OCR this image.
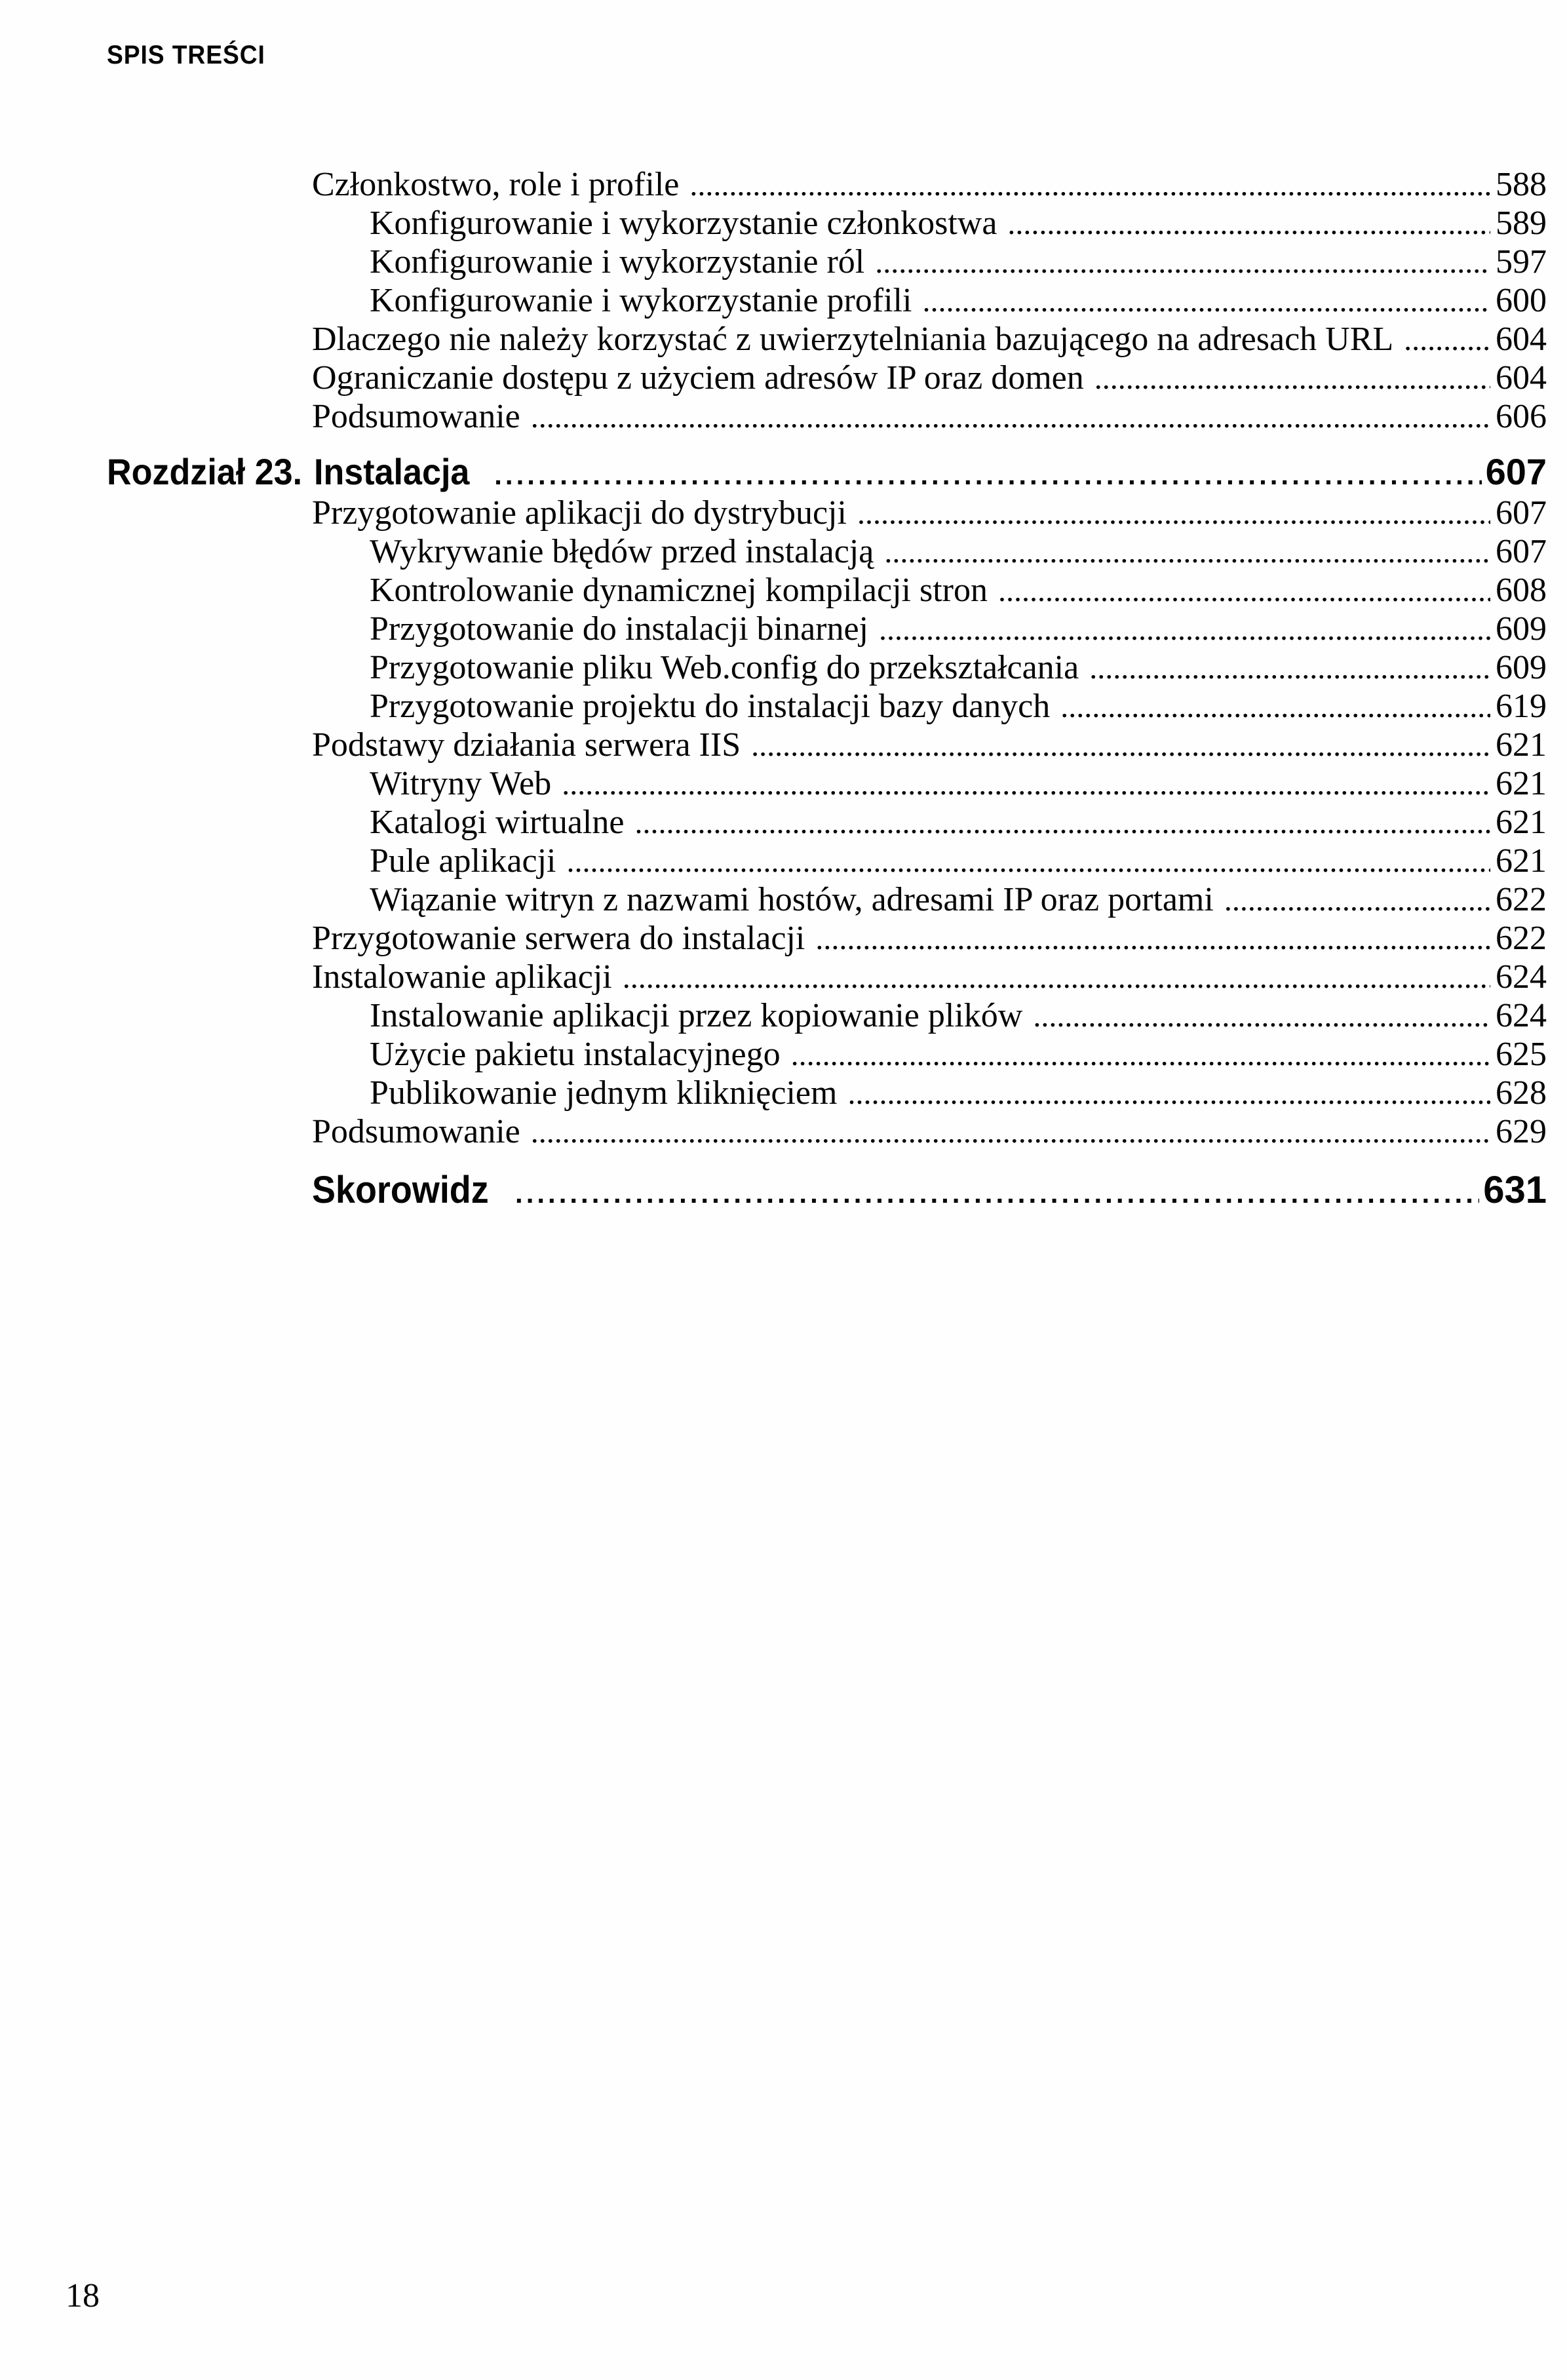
SPIS TREŚCI
Członkostwo, role i profile .....	588
Konfigurowanie i wykorzystanie członkostwa .....	589
Konfigurowanie i wykorzystanie ról .....	597
Konfigurowanie i wykorzystanie profili .....	600
Dlaczego nie należy korzystać z uwierzytelniania bazującego na adresach URL .....	604
Ograniczanie dostępu z użyciem adresów IP oraz domen .....	604
Podsumowanie .....	606
Rozdział 23. Instalacja .....	607
Przygotowanie aplikacji do dystrybucji .....	607
Wykrywanie błędów przed instalacją .....	607
Kontrolowanie dynamicznej kompilacji stron .....	608
Przygotowanie do instalacji binarnej .....	609
Przygotowanie pliku Web.config do przekształcania .....	609
Przygotowanie projektu do instalacji bazy danych .....	619
Podstawy działania serwera IIS .....	621
Witryny Web .....	621
Katalogi wirtualne .....	621
Pule aplikacji .....	621
Wiązanie witryn z nazwami hostów, adresami IP oraz portami .....	622
Przygotowanie serwera do instalacji .....	622
Instalowanie aplikacji .....	624
Instalowanie aplikacji przez kopiowanie plików .....	624
Użycie pakietu instalacyjnego .....	625
Publikowanie jednym kliknięciem .....	628
Podsumowanie .....	629
Skorowidz .....	631
18
